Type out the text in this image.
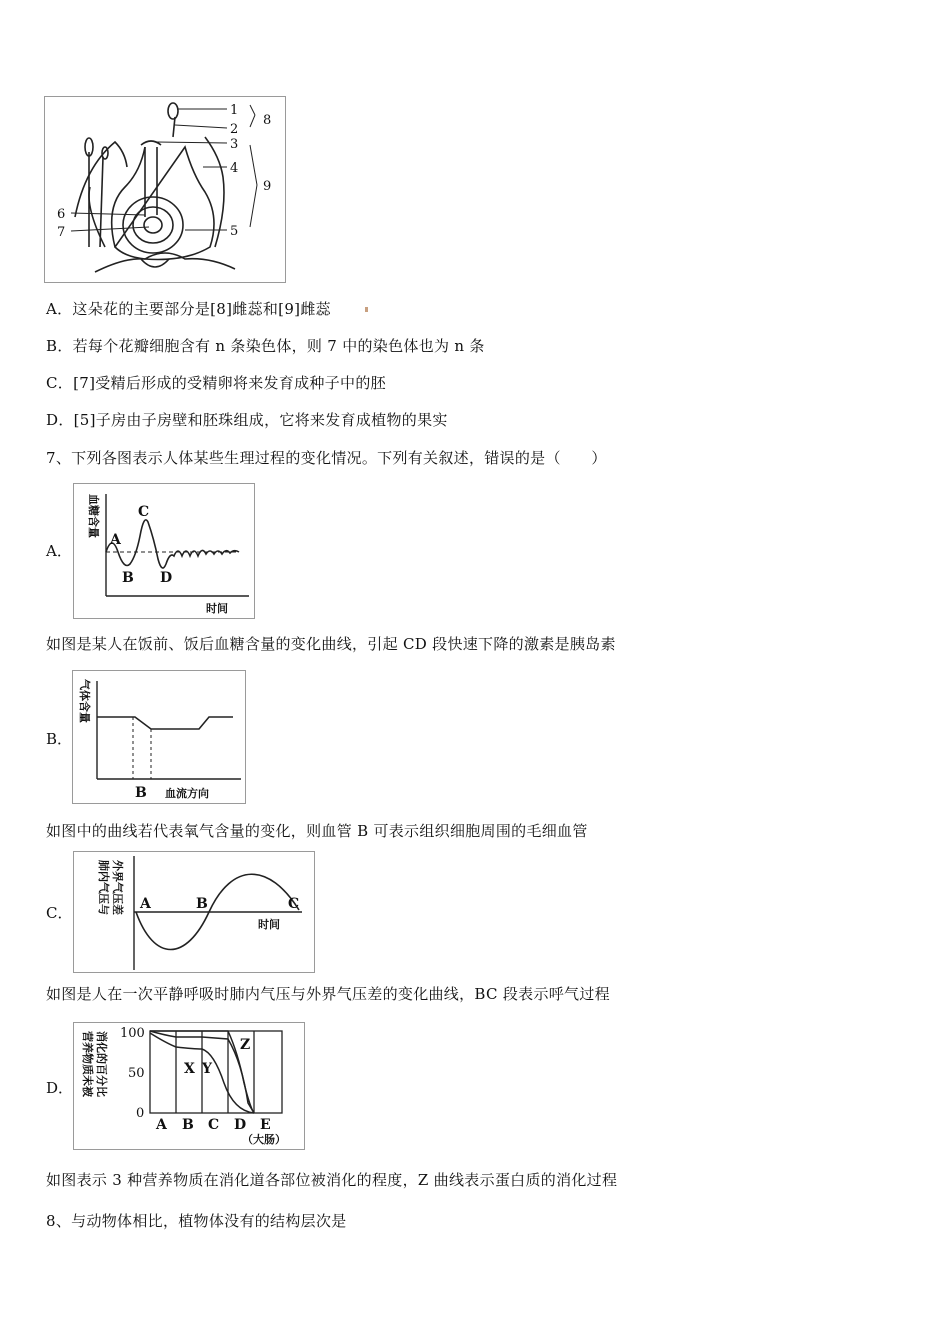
1
2
3
4
5
6
7
8
9
A．这朵花的主要部分是[8]雌蕊和[9]雌蕊
B．若每个花瓣细胞含有 n 条染色体，则 7 中的染色体也为 n 条
C．[7]受精后形成的受精卵将来发育成种子中的胚
D．[5]子房由子房壁和胚珠组成，它将来发育成植物的果实
7、下列各图表示人体某些生理过程的变化情况。下列有关叙述，错误的是（　　）
A．
血糖含量
A
B
C
D
时间
如图是某人在饭前、饭后血糖含量的变化曲线，引起 CD 段快速下降的激素是胰岛素
B．
气体含量
B 血流方向
如图中的曲线若代表氧气含量的变化，则血管 B 可表示组织细胞周围的毛细血管
C． 肺内气压与 外界气压差 A	B	C
时间
如图是人在一次平静呼吸时肺内气压与外界气压差的变化曲线，BC 段表示呼气过程
D． 营养物质未被 消化的百分比 100
50
0
A B C D E
（大肠）
X Y
Z
如图表示 3 种营养物质在消化道各部位被消化的程度，Z 曲线表示蛋白质的消化过程
8、与动物体相比，植物体没有的结构层次是
